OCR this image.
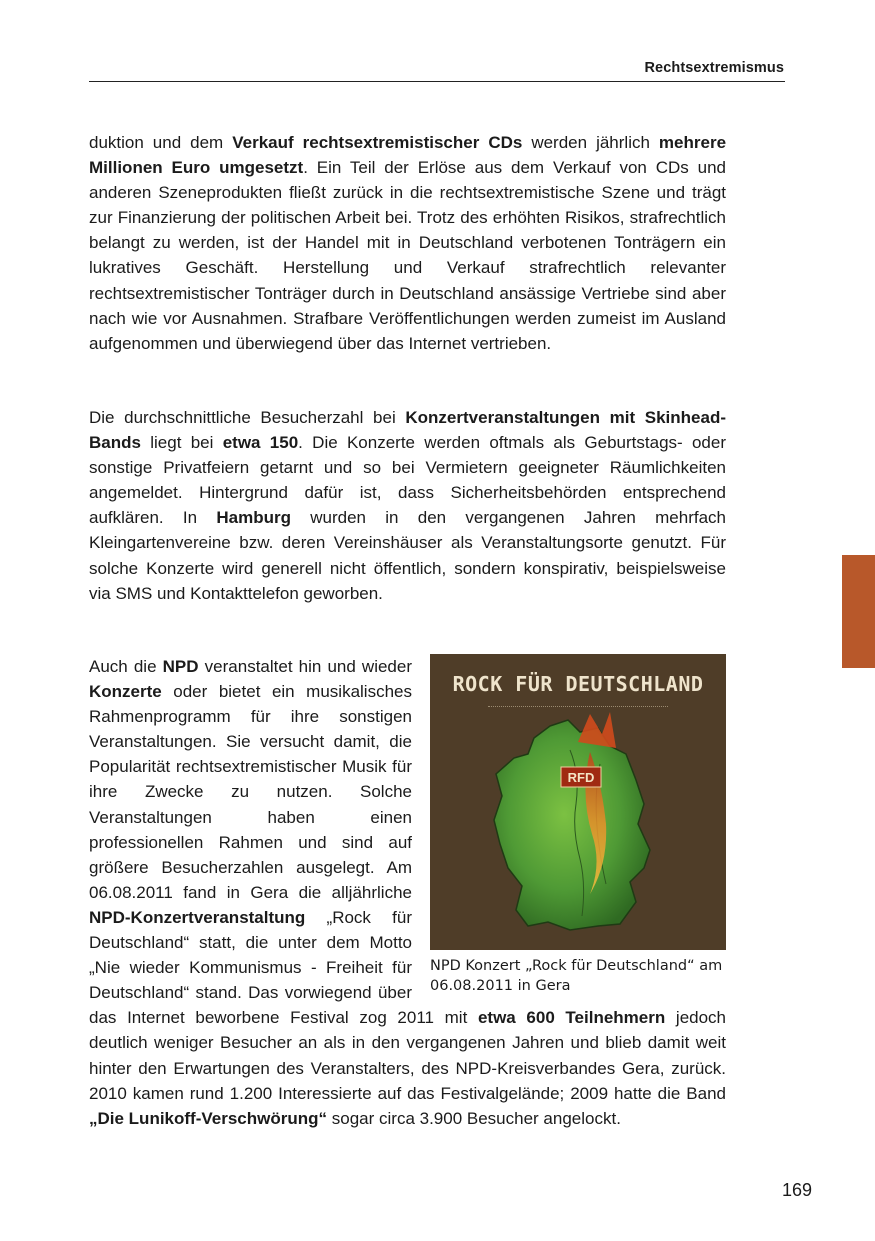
Rechtsextremismus

duktion und dem Verkauf rechtsextremistischer CDs werden jährlich mehrere Millionen Euro umgesetzt. Ein Teil der Erlöse aus dem Verkauf von CDs und anderen Szeneprodukten fließt zurück in die rechtsextremistische Szene und trägt zur Finanzierung der politischen Arbeit bei. Trotz des erhöhten Risikos, strafrechtlich belangt zu werden, ist der Handel mit in Deutschland verbotenen Tonträgern ein lukratives Geschäft. Herstellung und Verkauf strafrechtlich relevanter rechtsextremistischer Tonträger durch in Deutschland ansässige Vertriebe sind aber nach wie vor Ausnahmen. Strafbare Veröffentlichungen werden zumeist im Ausland aufgenommen und überwiegend über das Internet vertrieben.

Die durchschnittliche Besucherzahl bei Konzertveranstaltungen mit Skinhead-Bands liegt bei etwa 150. Die Konzerte werden oftmals als Geburtstags- oder sonstige Privatfeiern getarnt und so bei Vermietern geeigneter Räumlichkeiten angemeldet. Hintergrund dafür ist, dass Sicherheitsbehörden entsprechend aufklären. In Hamburg wurden in den vergangenen Jahren mehrfach Kleingartenvereine bzw. deren Vereinshäuser als Veranstaltungsorte genutzt. Für solche Konzerte wird generell nicht öffentlich, sondern konspirativ, beispielsweise via SMS und Kontakttelefon geworben.

RFD
ROCK FÜR DEUTSCHLAND
NPD Konzert „Rock für Deutschland“ am 06.08.2011 in Gera
Auch die NPD veranstaltet hin und wieder Konzerte oder bietet ein musikalisches Rahmenprogramm für ihre sonstigen Veranstaltungen. Sie versucht damit, die Popularität rechtsextremistischer Musik für ihre Zwecke zu nutzen. Solche Veranstaltungen haben einen professionellen Rahmen und sind auf größere Besucherzahlen ausgelegt. Am 06.08.2011 fand in Gera die alljährliche NPD-Konzertveranstaltung „Rock für Deutschland“ statt, die unter dem Motto „Nie wieder Kommunismus - Freiheit für Deutschland“ stand. Das vorwiegend über das Internet beworbene Festival zog 2011 mit etwa 600 Teilnehmern jedoch deutlich weniger Besucher an als in den vergangenen Jahren und blieb damit weit hinter den Erwartungen des Veranstalters, des NPD-Kreisverbandes Gera, zurück. 2010 kamen rund 1.200 Interessierte auf das Festivalgelände; 2009 hatte die Band „Die Lunikoff-Verschwörung“ sogar circa 3.900 Besucher angelockt.
169
